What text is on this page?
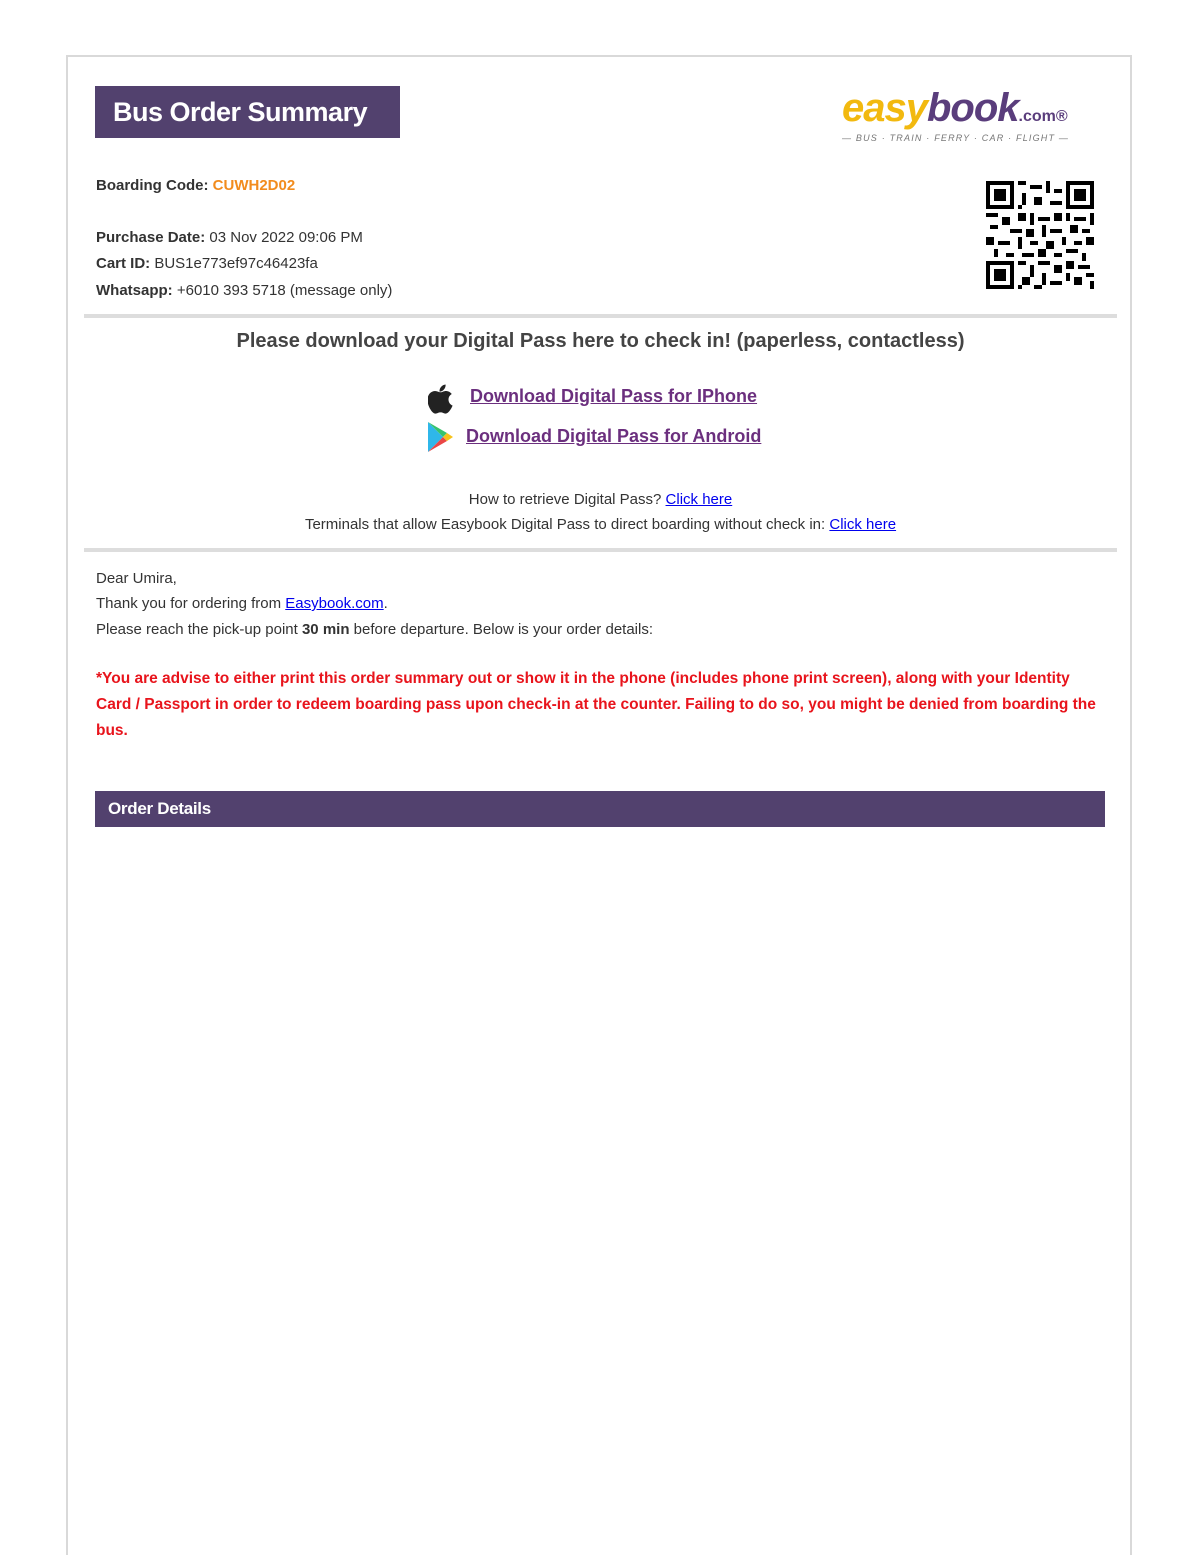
Bus Order Summary	easybook.com®
— BUS · TRAIN · FERRY · CAR · FLIGHT —
Boarding Code: CUWH2D02
Purchase Date: 03 Nov 2022 09:06 PM
Cart ID: BUS1e773ef97c46423fa
Whatsapp: +6010 393 5718 (message only)
Please download your Digital Pass here to check in! (paperless, contactless)
Download Digital Pass for IPhone
Download Digital Pass for Android
How to retrieve Digital Pass? Click here
Terminals that allow Easybook Digital Pass to direct boarding without check in: Click here
Dear Umira,
Thank you for ordering from Easybook.com.
Please reach the pick-up point 30 min before departure. Below is your order details:
*You are advise to either print this order summary out or show it in the phone (includes phone print screen), along with your Identity Card / Passport in order to redeem boarding pass upon check-in at the counter. Failing to do so, you might be denied from boarding the bus.
Order Details
